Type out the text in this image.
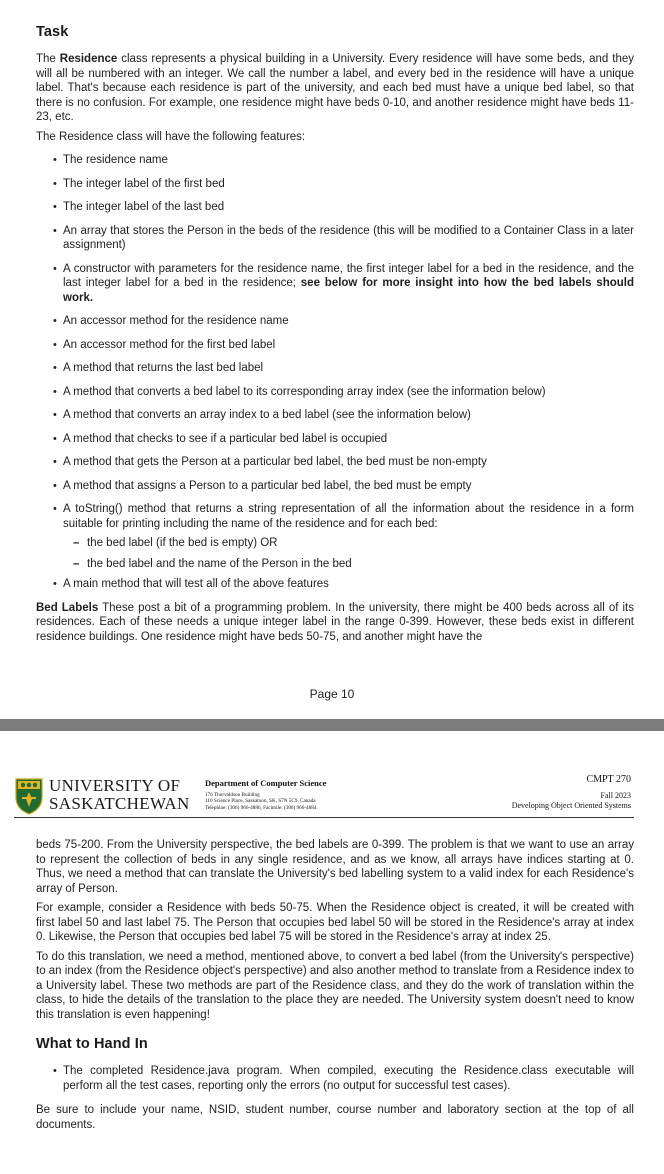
Task

The Residence class represents a physical building in a University. Every residence will have some beds, and they will all be numbered with an integer. We call the number a label, and every bed in the residence will have a unique label. That's because each residence is part of the university, and each bed must have a unique bed label, so that there is no confusion. For example, one residence might have beds 0-10, and another residence might have beds 11-23, etc.

The Residence class will have the following features:

• The residence name
• The integer label of the first bed
• The integer label of the last bed
• An array that stores the Person in the beds of the residence (this will be modified to a Container Class in a later assignment)
• A constructor with parameters for the residence name, the first integer label for a bed in the residence, and the last integer label for a bed in the residence; see below for more insight into how the bed labels should work.
• An accessor method for the residence name
• An accessor method for the first bed label
• A method that returns the last bed label
• A method that converts a bed label to its corresponding array index (see the information below)
• A method that converts an array index to a bed label (see the information below)
• A method that checks to see if a particular bed label is occupied
• A method that gets the Person at a particular bed label, the bed must be non-empty
• A method that assigns a Person to a particular bed label, the bed must be empty
• A toString() method that returns a string representation of all the information about the residence in a form suitable for printing including the name of the residence and for each bed:
– the bed label (if the bed is empty) OR
– the bed label and the name of the Person in the bed
• A main method that will test all of the above features

Bed Labels These post a bit of a programming problem. In the university, there might be 400 beds across all of its residences. Each of these needs a unique integer label in the range 0-399. However, these beds exist in different residence buildings. One residence might have beds 50-75, and another might have the

Page 10
UNIVERSITY OF
SASKATCHEWAN
Department of Computer Science
176 Thorvaldson Building
110 Science Place, Saskatoon, SK, S7N 5C9, Canada
Telephine: (306) 966-4886, Facimile: (306) 966-4884
CMPT 270
Fall 2023
Developing Object Oriented Systems

beds 75-200. From the University perspective, the bed labels are 0-399. The problem is that we want to use an array to represent the collection of beds in any single residence, and as we know, all arrays have indices starting at 0. Thus, we need a method that can translate the University's bed labelling system to a valid index for each Residence's array of Person.

For example, consider a Residence with beds 50-75. When the Residence object is created, it will be created with first label 50 and last label 75. The Person that occupies bed label 50 will be stored in the Residence's array at index 0. Likewise, the Person that occupies bed label 75 will be stored in the Residence's array at index 25.

To do this translation, we need a method, mentioned above, to convert a bed label (from the University's perspective) to an index (from the Residence object's perspective) and also another method to translate from a Residence index to a University label. These two methods are part of the Residence class, and they do the work of translation within the class, to hide the details of the translation to the place they are needed. The University system doesn't need to know this translation is even happening!

What to Hand In
• The completed Residence.java program. When compiled, executing the Residence.class executable will perform all the test cases, reporting only the errors (no output for successful test cases).

Be sure to include your name, NSID, student number, course number and laboratory section at the top of all documents.
